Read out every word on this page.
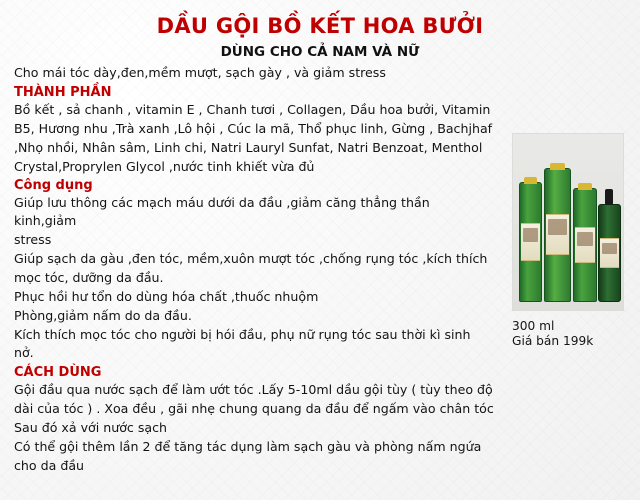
DẦU GỘI BỒ KẾT HOA BƯỞI
DÙNG CHO CẢ NAM VÀ NỮ
Cho mái tóc dày,đen,mềm mượt, sạch gày , và giảm stress
THÀNH PHẦN
Bồ kết , sả chanh , vitamin E , Chanh tươi , Collagen, Dầu hoa bưởi, Vitamin
B5, Hương nhu ,Trà xanh ,Lô hội , Cúc la mã, Thổ phục linh, Gừng , Bachjhaf
,Nhọ nhồi, Nhân sâm, Linh chi, Natri Lauryl Sunfat, Natri Benzoat, Menthol
Crystal,Proprylen Glycol ,nước tinh khiết vừa đủ
Công dụng
Giúp lưu thông các mạch máu dưới da đầu ,giảm căng thẳng thần kinh,giảm
stress
Giúp sạch da gàu ,đen tóc, mềm,xuôn mượt tóc ,chống rụng tóc ,kích thích
mọc tóc, dưỡng da đầu.
Phục hồi hư tổn do dùng hóa chất ,thuốc nhuộm
Phòng,giảm nấm do da đầu.
Kích thích mọc tóc cho người bị hói đầu, phụ nữ rụng tóc sau thời kì sinh
nở.
CÁCH DÙNG
Gội đầu qua nước sạch để làm ướt tóc .Lấy 5-10ml dầu gội tùy ( tùy theo độ
dài của tóc ) . Xoa đều , gãi nhẹ chung quang da đầu để ngấm vào chân tóc
Sau đó xả với nước sạch
Có thể gội thêm lần 2 để tăng tác dụng làm sạch gàu và phòng nấm ngứa
cho da đầu
300 ml
Giá bán 199k
